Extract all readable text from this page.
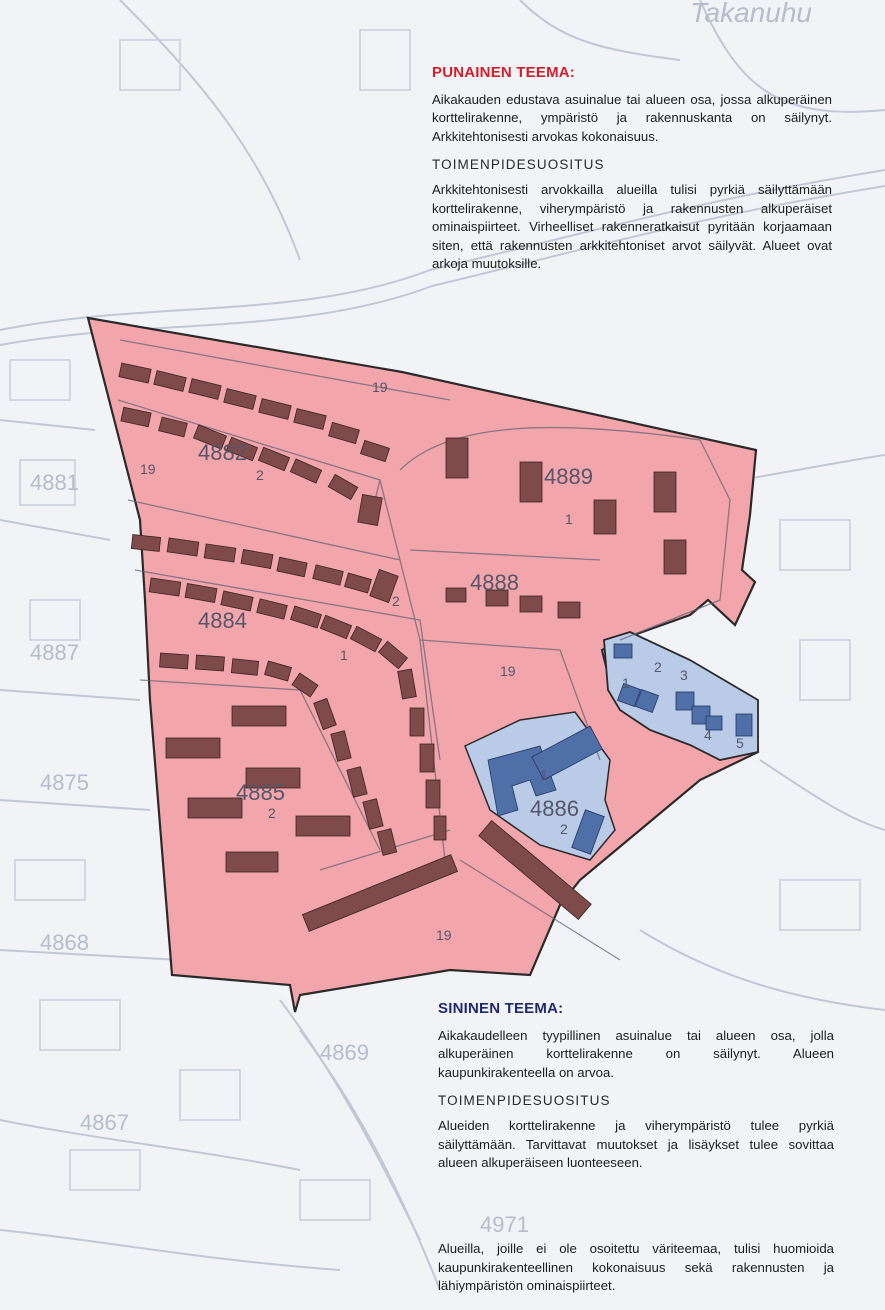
4881
4887
4875
4868
4869
4867
4971
Takanuhu
4882
4889
4888
4884
4885
4886
1
2
2
1
2
1
2
1
2
3
4 5
19
19
19
19
PUNAINEN TEEMA:

Aikakauden edustava asuinalue tai alueen osa, jossa alkuperäinen korttelirakenne, ympäristö ja rakennuskanta on säilynyt. Arkkitehtonisesti arvokas kokonaisuus.

TOIMENPIDESUOSITUS

Arkkitehtonisesti arvokkailla alueilla tulisi pyrkiä säilyttämään korttelirakenne, viherympäristö ja rakennusten alkuperäiset ominaispiirteet. Virheelliset rakenneratkaisut pyritään korjaamaan siten, että rakennusten arkkitehtoniset arvot säilyvät. Alueet ovat arkoja muutoksille.

SININEN TEEMA:

Aikakaudelleen tyypillinen asuinalue tai alueen osa, jolla alkuperäinen korttelirakenne on säilynyt. Alueen kaupunkirakenteella on arvoa.

TOIMENPIDESUOSITUS

Alueiden korttelirakenne ja viherympäristö tulee pyrkiä säilyttämään. Tarvittavat muutokset ja lisäykset tulee sovittaa alueen alkuperäiseen luonteeseen.

Alueilla, joille ei ole osoitettu väriteemaa, tulisi huomioida kaupunkirakenteellinen kokonaisuus sekä rakennusten ja lähiympäristön ominaispiirteet.
